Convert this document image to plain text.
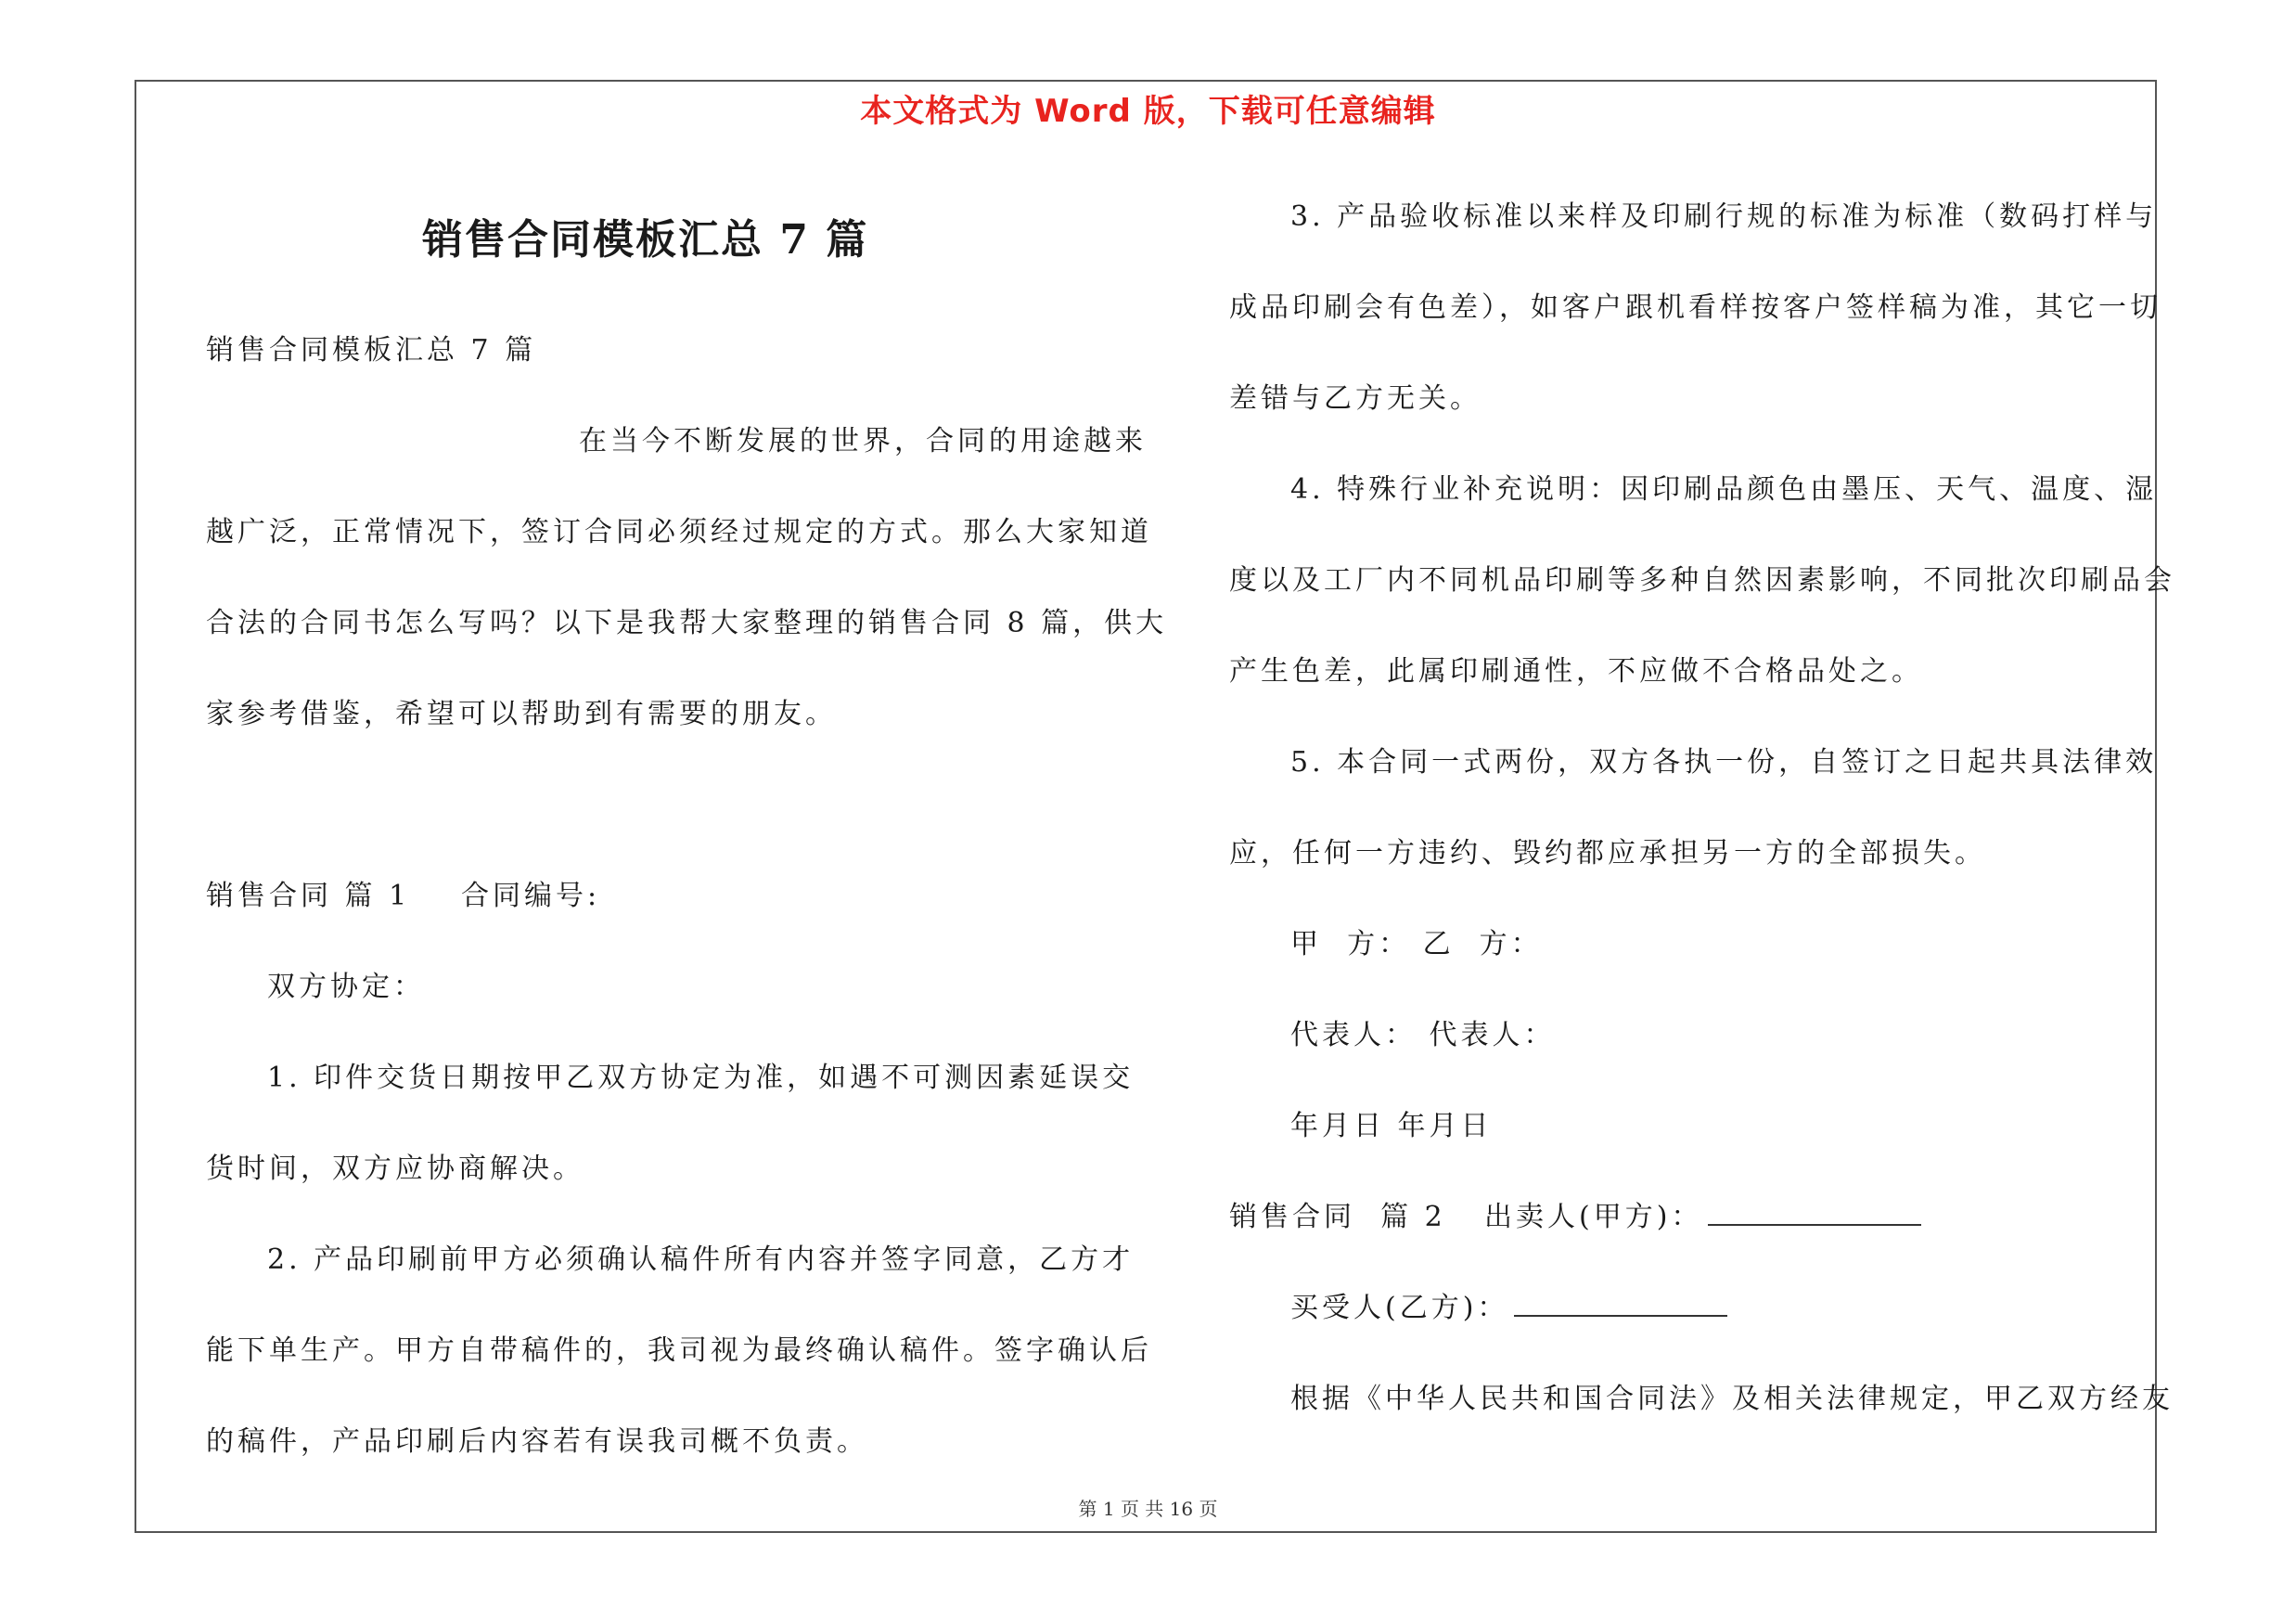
本文格式为 Word 版，下载可任意编辑
销售合同模板汇总 7 篇
销售合同模板汇总 7 篇
在当今不断发展的世界，合同的用途越来
越广泛，正常情况下，签订合同必须经过规定的方式。那么大家知道
合法的合同书怎么写吗？以下是我帮大家整理的销售合同 8 篇，供大
家参考借鉴，希望可以帮助到有需要的朋友。
销售合同 篇 1 合同编号:
双方协定：
1. 印件交货日期按甲乙双方协定为准，如遇不可测因素延误交
货时间，双方应协商解决。
2. 产品印刷前甲方必须确认稿件所有内容并签字同意，乙方才
能下单生产。甲方自带稿件的，我司视为最终确认稿件。签字确认后
的稿件，产品印刷后内容若有误我司概不负责。
3. 产品验收标准以来样及印刷行规的标准为标准（数码打样与
成品印刷会有色差），如客户跟机看样按客户签样稿为准，其它一切
差错与乙方无关。
4. 特殊行业补充说明：因印刷品颜色由墨压、天气、温度、湿
度以及工厂内不同机品印刷等多种自然因素影响，不同批次印刷品会
产生色差，此属印刷通性，不应做不合格品处之。
5. 本合同一式两份，双方各执一份，自签订之日起共具法律效
应，任何一方违约、毁约都应承担另一方的全部损失。
甲  方： 乙  方：
代表人： 代表人：
年月日 年月日
销售合同  篇 2 出卖人(甲方)：
买受人(乙方)：
根据《中华人民共和国合同法》及相关法律规定，甲乙双方经友
第 1 页 共 16 页
